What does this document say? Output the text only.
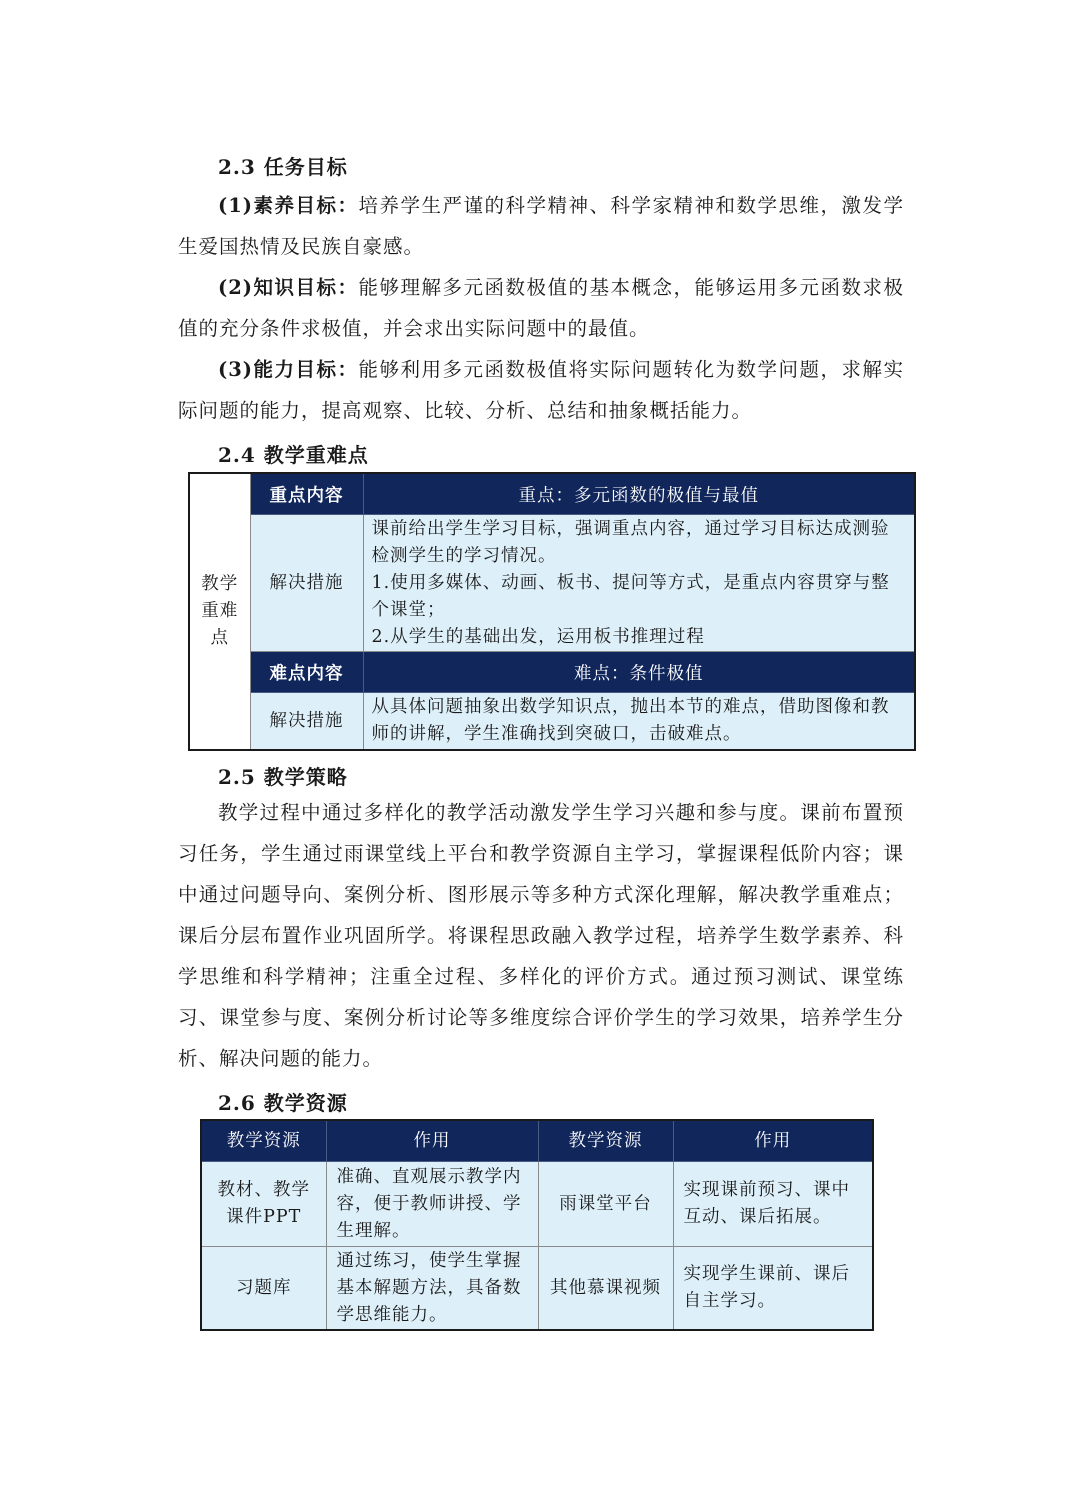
2.3 任务目标

(1)素养目标：培养学生严谨的科学精神、科学家精神和数学思维，激发学生爱国热情及民族自豪感。

(2)知识目标：能够理解多元函数极值的基本概念，能够运用多元函数求极值的充分条件求极值，并会求出实际问题中的最值。

(3)能力目标：能够利用多元函数极值将实际问题转化为数学问题，求解实际问题的能力，提高观察、比较、分析、总结和抽象概括能力。

2.4 教学重难点
教学重难点	重点内容	重点：多元函数的极值与最值
	解决措施	课前给出学生学习目标，强调重点内容，通过学习目标达成测验检测学生的学习情况。

1.使用多媒体、动画、板书、提问等方式，是重点内容贯穿与整个课堂；

2.从学生的基础出发，运用板书推理过程

	难点内容	难点：条件极值
	解决措施	从具体问题抽象出数学知识点，抛出本节的难点，借助图像和教师的讲解，学生准确找到突破口，击破难点。
2.5 教学策略

教学过程中通过多样化的教学活动激发学生学习兴趣和参与度。课前布置预习任务，学生通过雨课堂线上平台和教学资源自主学习，掌握课程低阶内容；课中通过问题导向、案例分析、图形展示等多种方式深化理解，解决教学重难点；课后分层布置作业巩固所学。将课程思政融入教学过程，培养学生数学素养、科学思维和科学精神；注重全过程、多样化的评价方式。通过预习测试、课堂练习、课堂参与度、案例分析讨论等多维度综合评价学生的学习效果，培养学生分析、解决问题的能力。

2.6 教学资源
教学资源	作用	教学资源	作用
教材、教学课件PPT	准确、直观展示教学内容，便于教师讲授、学生理解。	雨课堂平台	实现课前预习、课中互动、课后拓展。
习题库	通过练习，使学生掌握基本解题方法，具备数学思维能力。	其他慕课视频	实现学生课前、课后自主学习。
